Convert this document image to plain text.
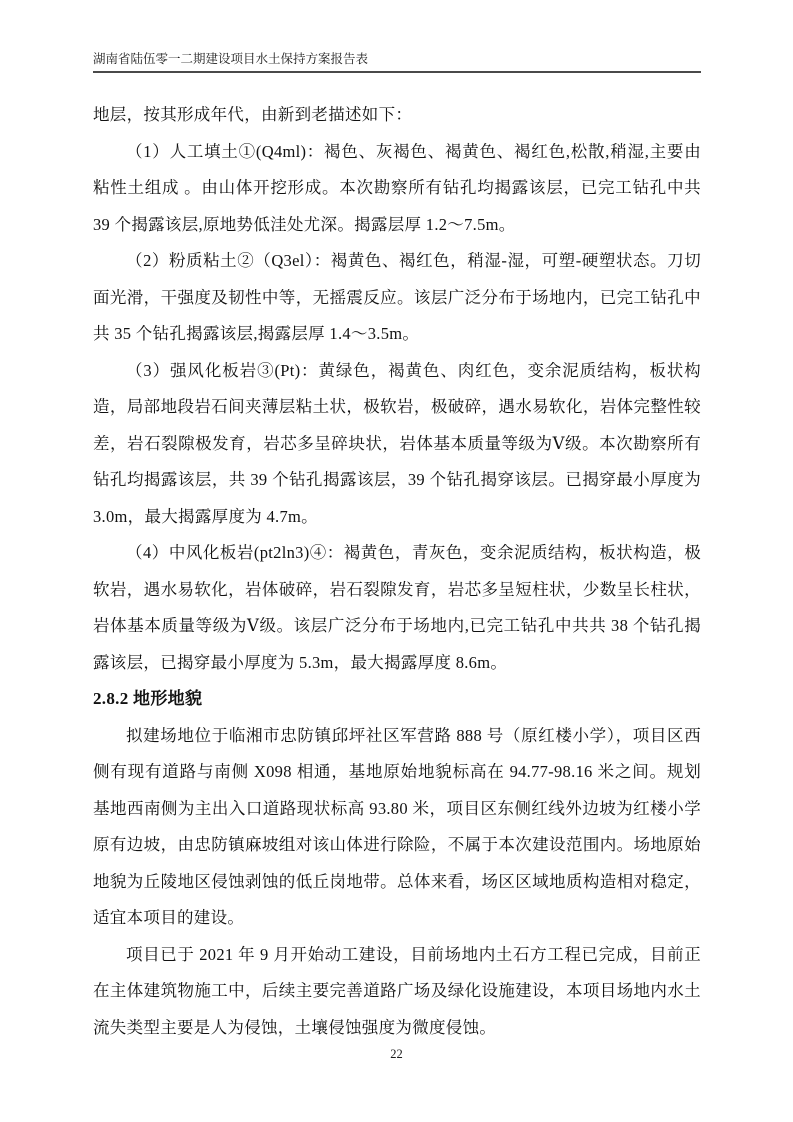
湖南省陆伍零一二期建设项目水土保持方案报告表

地层，按其形成年代，由新到老描述如下：

（1）人工填土①(Q4ml)：褐色、灰褐色、褐黄色、褐红色,松散,稍湿,主要由粘性土组成 。由山体开挖形成。本次勘察所有钻孔均揭露该层，已完工钻孔中共 39 个揭露该层,原地势低洼处尤深。揭露层厚 1.2～7.5m。

（2）粉质粘土②（Q3el）：褐黄色、褐红色，稍湿-湿，可塑-硬塑状态。刀切面光滑，干强度及韧性中等，无摇震反应。该层广泛分布于场地内，已完工钻孔中共 35 个钻孔揭露该层,揭露层厚 1.4～3.5m。

（3）强风化板岩③(Pt)：黄绿色，褐黄色、肉红色，变余泥质结构，板状构造，局部地段岩石间夹薄层粘土状，极软岩，极破碎，遇水易软化，岩体完整性较差，岩石裂隙极发育，岩芯多呈碎块状，岩体基本质量等级为Ⅴ级。本次勘察所有钻孔均揭露该层，共 39 个钻孔揭露该层，39 个钻孔揭穿该层。已揭穿最小厚度为 3.0m，最大揭露厚度为 4.7m。

（4）中风化板岩(pt2ln3)④：褐黄色，青灰色，变余泥质结构，板状构造，极软岩，遇水易软化，岩体破碎，岩石裂隙发育，岩芯多呈短柱状，少数呈长柱状，岩体基本质量等级为Ⅴ级。该层广泛分布于场地内,已完工钻孔中共共 38 个钻孔揭露该层，已揭穿最小厚度为 5.3m，最大揭露厚度 8.6m。

2.8.2 地形地貌

拟建场地位于临湘市忠防镇邱坪社区军营路 888 号（原红楼小学），项目区西侧有现有道路与南侧 X098 相通，基地原始地貌标高在 94.77-98.16 米之间。规划基地西南侧为主出入口道路现状标高 93.80 米，项目区东侧红线外边坡为红楼小学原有边坡，由忠防镇麻坡组对该山体进行除险，不属于本次建设范围内。场地原始地貌为丘陵地区侵蚀剥蚀的低丘岗地带。总体来看，场区区域地质构造相对稳定，适宜本项目的建设。

项目已于 2021 年 9 月开始动工建设，目前场地内土石方工程已完成，目前正在主体建筑物施工中，后续主要完善道路广场及绿化设施建设，本项目场地内水土流失类型主要是人为侵蚀，土壤侵蚀强度为微度侵蚀。

22
